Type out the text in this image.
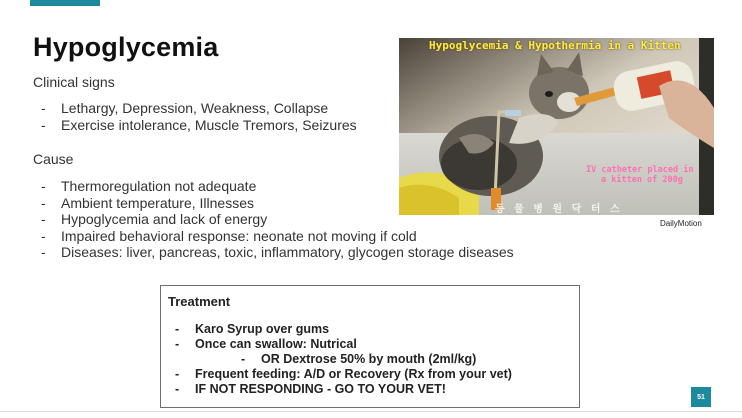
Hypoglycemia

Clinical signs

- Lethargy, Depression, Weakness, Collapse
- Exercise intolerance, Muscle Tremors, Seizures

Cause

- Thermoregulation not adequate
- Ambient temperature, Illnesses
- Hypoglycemia and lack of energy
- Impaired behavioral response: neonate not moving if cold
- Diseases: liver, pancreas, toxic, inflammatory, glycogen storage diseases
Hypoglycemia & Hypothermia in a Kitten
IV catheter placed in
a kitten of 200g
동 물 병 원 닥 터 스
DailyMotion
Treatment
- Karo Syrup over gums
- Once can swallow: Nutrical
- OR Dextrose 50% by mouth (2ml/kg)
- Frequent feeding: A/D or Recovery (Rx from your vet)
- IF NOT RESPONDING - GO TO YOUR VET!
51
